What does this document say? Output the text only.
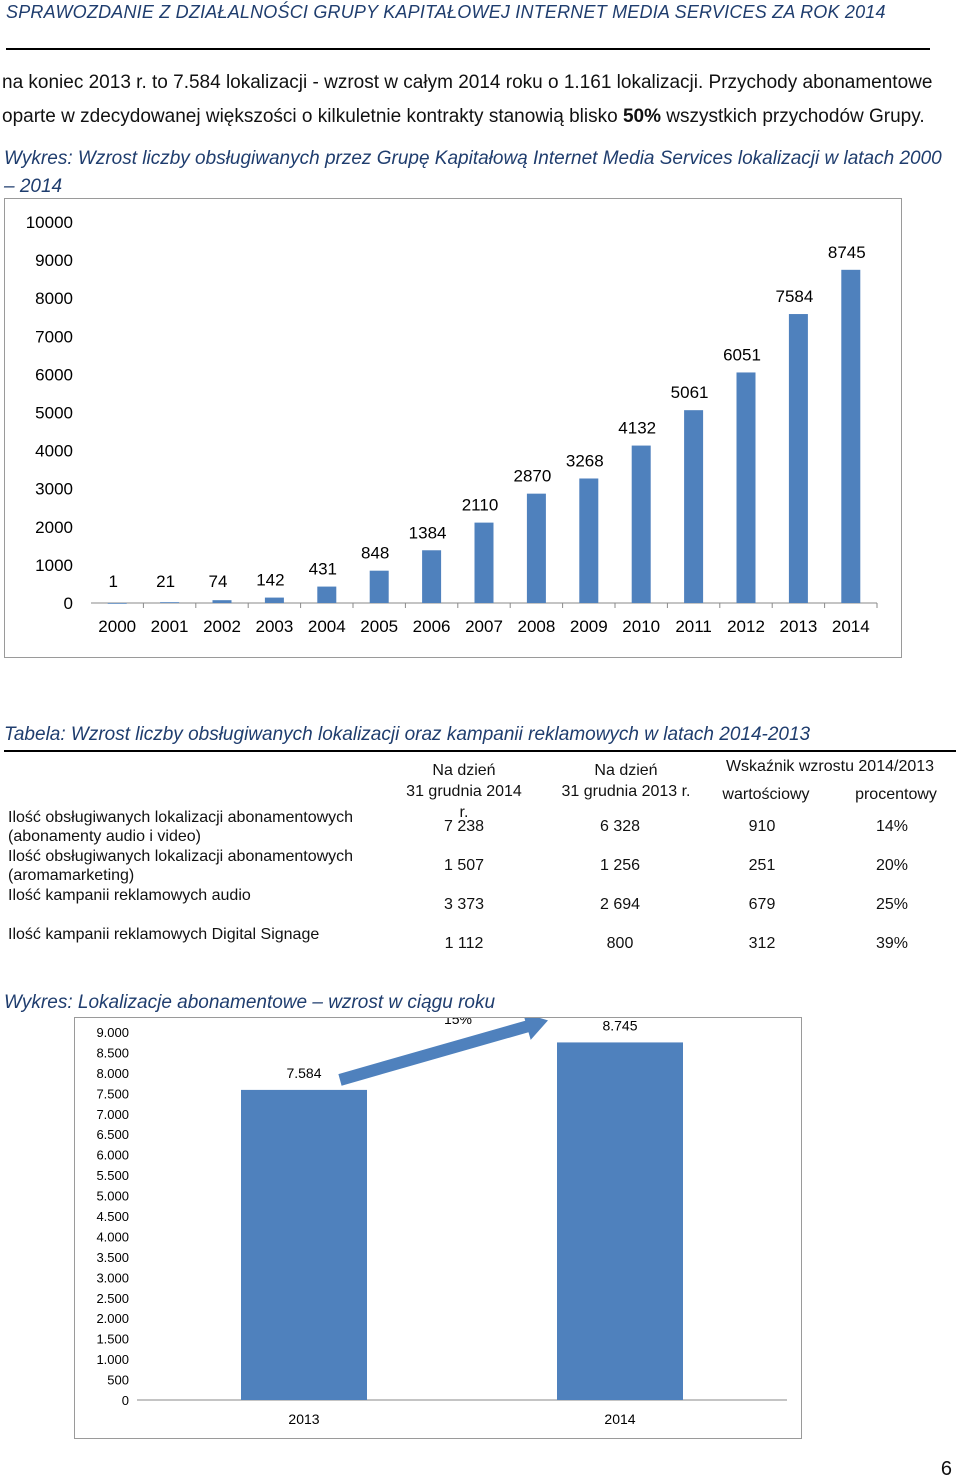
SPRAWOZDANIE Z DZIAŁALNOŚCI GRUPY KAPITAŁOWEJ INTERNET MEDIA SERVICES ZA ROK 2014
na koniec 2013 r. to 7.584 lokalizacji - wzrost w całym 2014 roku o 1.161 lokalizacji. Przychody abonamentowe
oparte w zdecydowanej większości o kilkuletnie kontrakty stanowią blisko 50% wszystkich przychodów Grupy.
Wykres: Wzrost liczby obsługiwanych przez Grupę Kapitałową Internet Media Services lokalizacji w latach 2000 – 2014
0
1000
2000
3000
4000
5000
6000
7000
8000
9000
10000
2000
1
2001
21
2002
74
2003
142
2004
431
2005
848
2006
1384
2007
2110
2008
2870
2009
3268
2010
4132
2011
5061
2012
6051
2013
7584
2014
8745
Tabela: Wzrost liczby obsługiwanych lokalizacji oraz kampanii reklamowych w latach 2014-2013
Na dzień
31 grudnia 2014 r.
Na dzień
31 grudnia 2013 r.
Wskaźnik wzrostu 2014/2013
wartościowy	procentowy
Ilość obsługiwanych lokalizacji abonamentowych
(abonamenty audio i video)
7 238	6 328	910	14%
Ilość obsługiwanych lokalizacji abonamentowych
(aromamarketing)
1 507	1 256	251	20%
Ilość kampanii reklamowych audio
3 373	2 694	679	25%
Ilość kampanii reklamowych Digital Signage
1 112	800	312	39%
Wykres: Lokalizacje abonamentowe – wzrost w ciągu roku
0
500
1.000
1.500
2.000
2.500
3.000
3.500
4.000
4.500
5.000
5.500
6.000
6.500
7.000
7.500
8.000
8.500
9.000
7.584
2013
8.745
2014
15%
6
